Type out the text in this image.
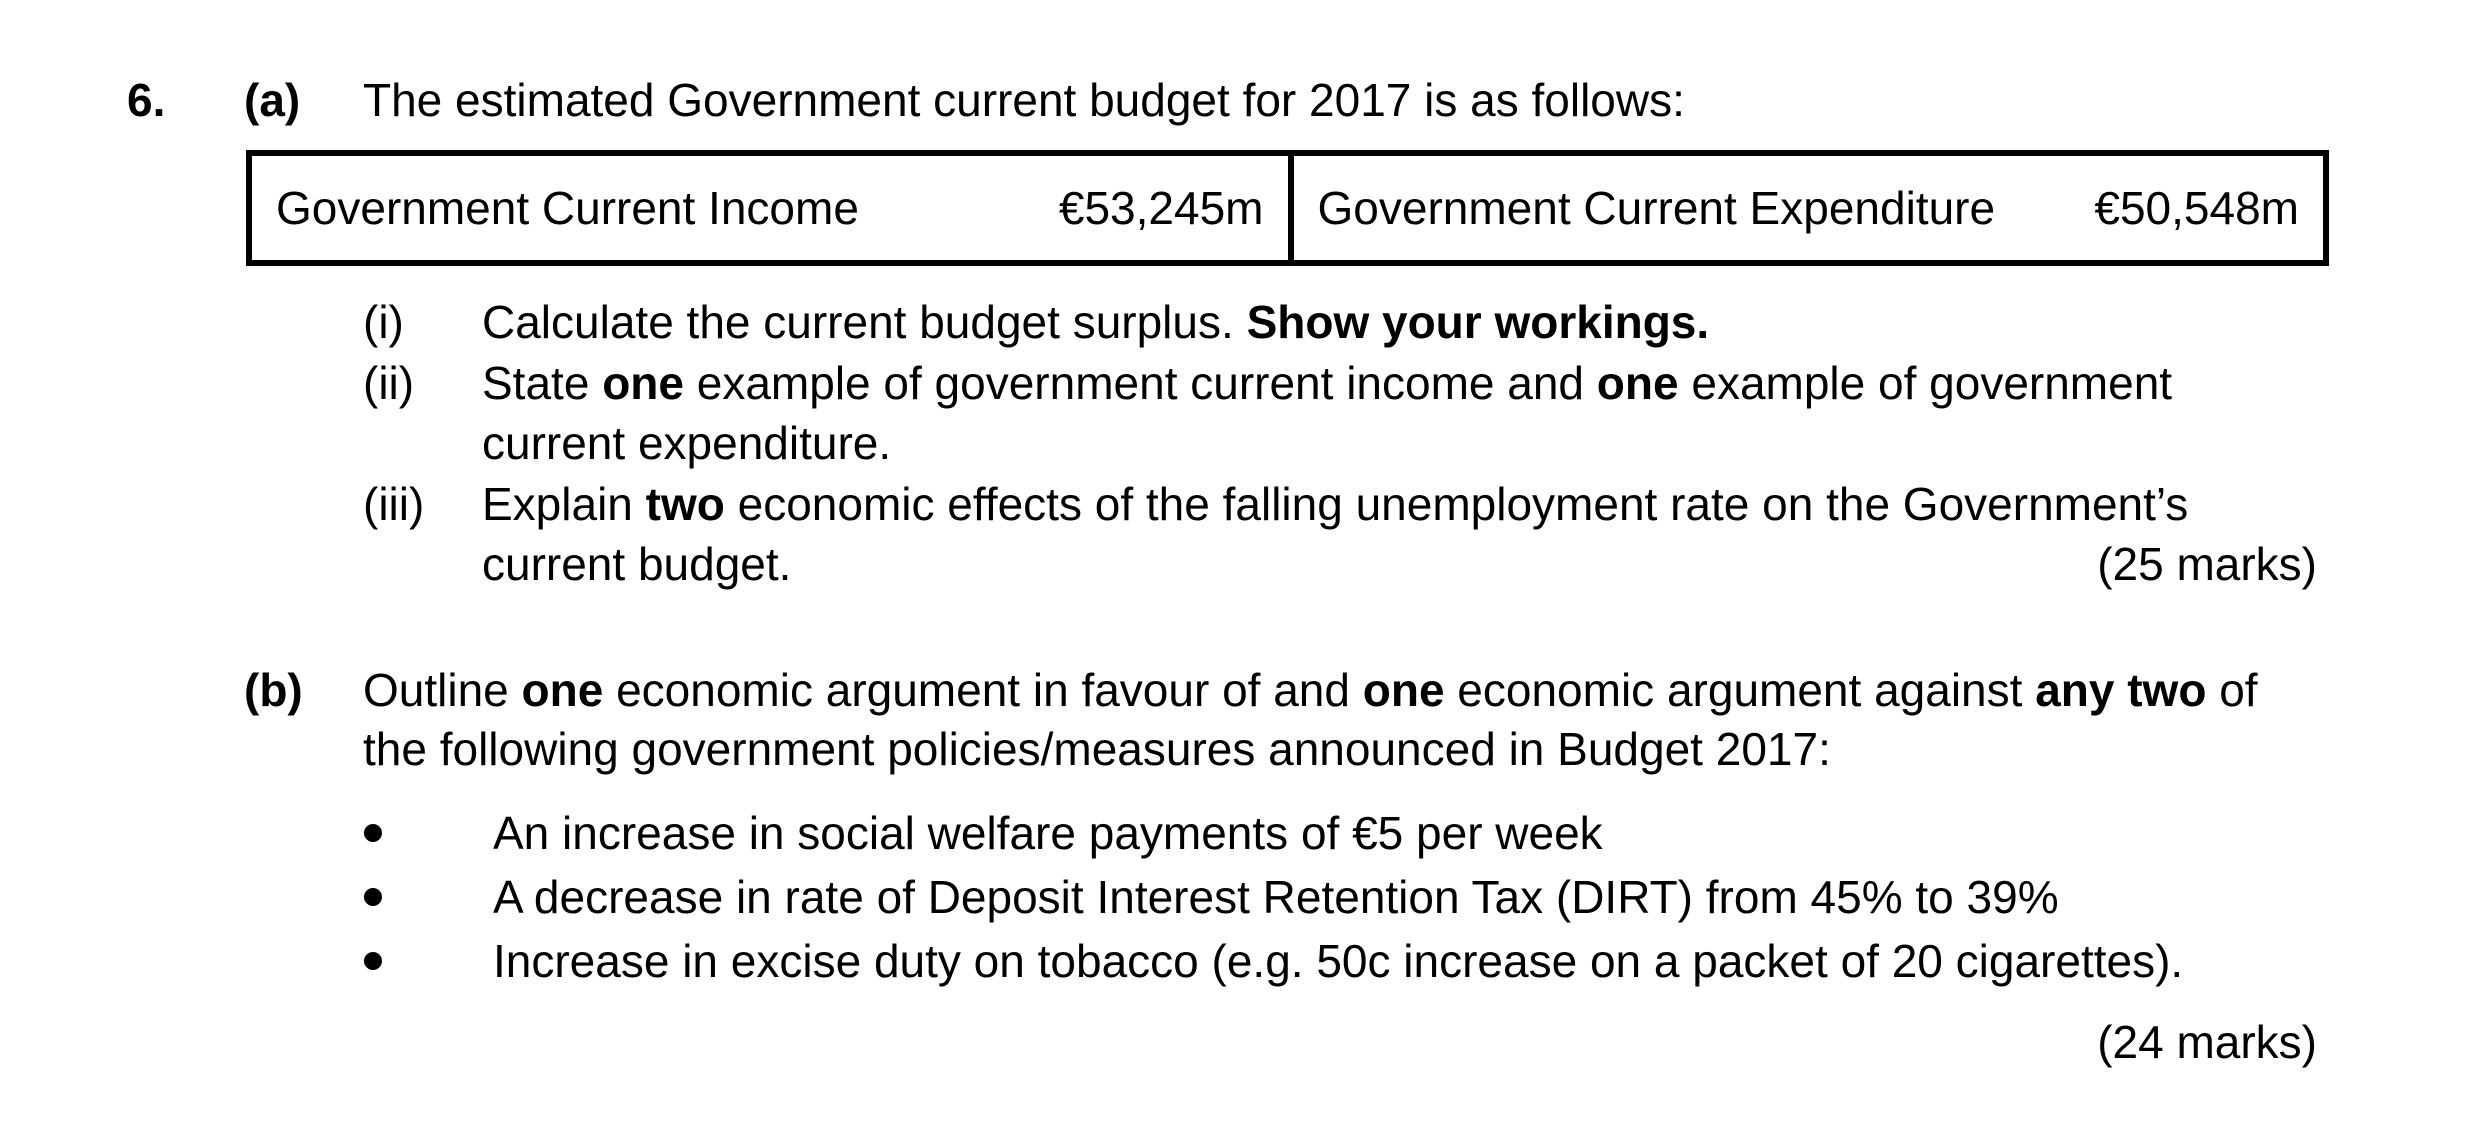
6. (a) The estimated Government current budget for 2017 is as follows:
Government Current Income	€53,245m Government Current Expenditure €50,548m
(i) Calculate the current budget surplus. Show your workings.
(ii) State one example of government current income and one example of government
current expenditure.
(iii) Explain two economic effects of the falling unemployment rate on the Government’s
current budget.	(25 marks)
(b) Outline one economic argument in favour of and one economic argument against any two of
the following government policies/measures announced in Budget 2017:
An increase in social welfare payments of €5 per week
A decrease in rate of Deposit Interest Retention Tax (DIRT) from 45% to 39%
Increase in excise duty on tobacco (e.g. 50c increase on a packet of 20 cigarettes).
(24 marks)
